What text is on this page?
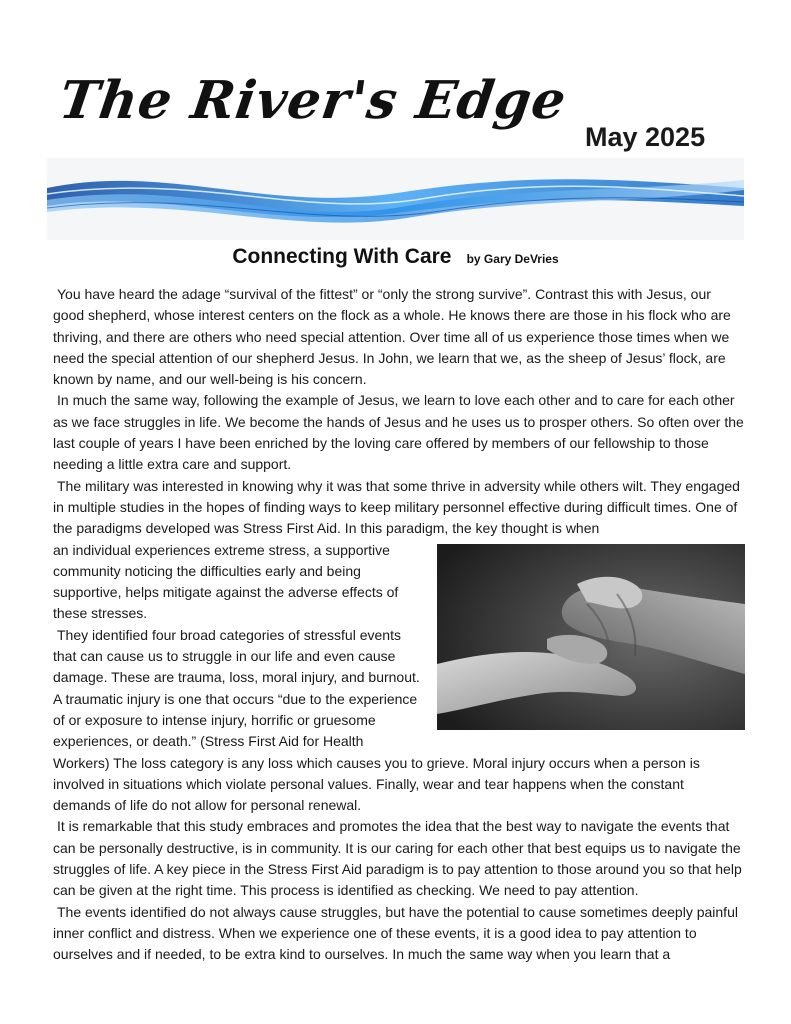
The River's Edge
May 2025
Connecting With Care by Gary DeVries

You have heard the adage “survival of the fittest” or “only the strong survive”. Contrast this with Jesus, our good shepherd, whose interest centers on the flock as a whole. He knows there are those in his flock who are thriving, and there are others who need special attention. Over time all of us experience those times when we need the special attention of our shepherd Jesus. In John, we learn that we, as the sheep of Jesus’ flock, are known by name, and our well-being is his concern.

In much the same way, following the example of Jesus, we learn to love each other and to care for each other as we face struggles in life. We become the hands of Jesus and he uses us to prosper others. So often over the last couple of years I have been enriched by the loving care offered by members of our fellowship to those needing a little extra care and support.

The military was interested in knowing why it was that some thrive in adversity while others wilt. They engaged in multiple studies in the hopes of finding ways to keep military personnel effective during difficult times. One of the paradigms developed was Stress First Aid. In this paradigm, the key thought is when

an individual experiences extreme stress, a supportive community noticing the difficulties early and being supportive, helps mitigate against the adverse effects of these stresses.

They identified four broad categories of stressful events that can cause us to struggle in our life and even cause damage. These are trauma, loss, moral injury, and burnout. A traumatic injury is one that occurs “due to the experience of or exposure to intense injury, horrific or gruesome experiences, or death.” (Stress First Aid for Health Workers) The loss category is any loss which causes you to grieve. Moral injury occurs when a person is involved in situations which violate personal values. Finally, wear and tear happens when the constant demands of life do not allow for personal renewal.

It is remarkable that this study embraces and promotes the idea that the best way to navigate the events that can be personally destructive, is in community. It is our caring for each other that best equips us to navigate the struggles of life. A key piece in the Stress First Aid paradigm is to pay attention to those around you so that help can be given at the right time. This process is identified as checking. We need to pay attention.

The events identified do not always cause struggles, but have the potential to cause sometimes deeply painful inner conflict and distress. When we experience one of these events, it is a good idea to pay attention to ourselves and if needed, to be extra kind to ourselves. In much the same way when you learn that a
